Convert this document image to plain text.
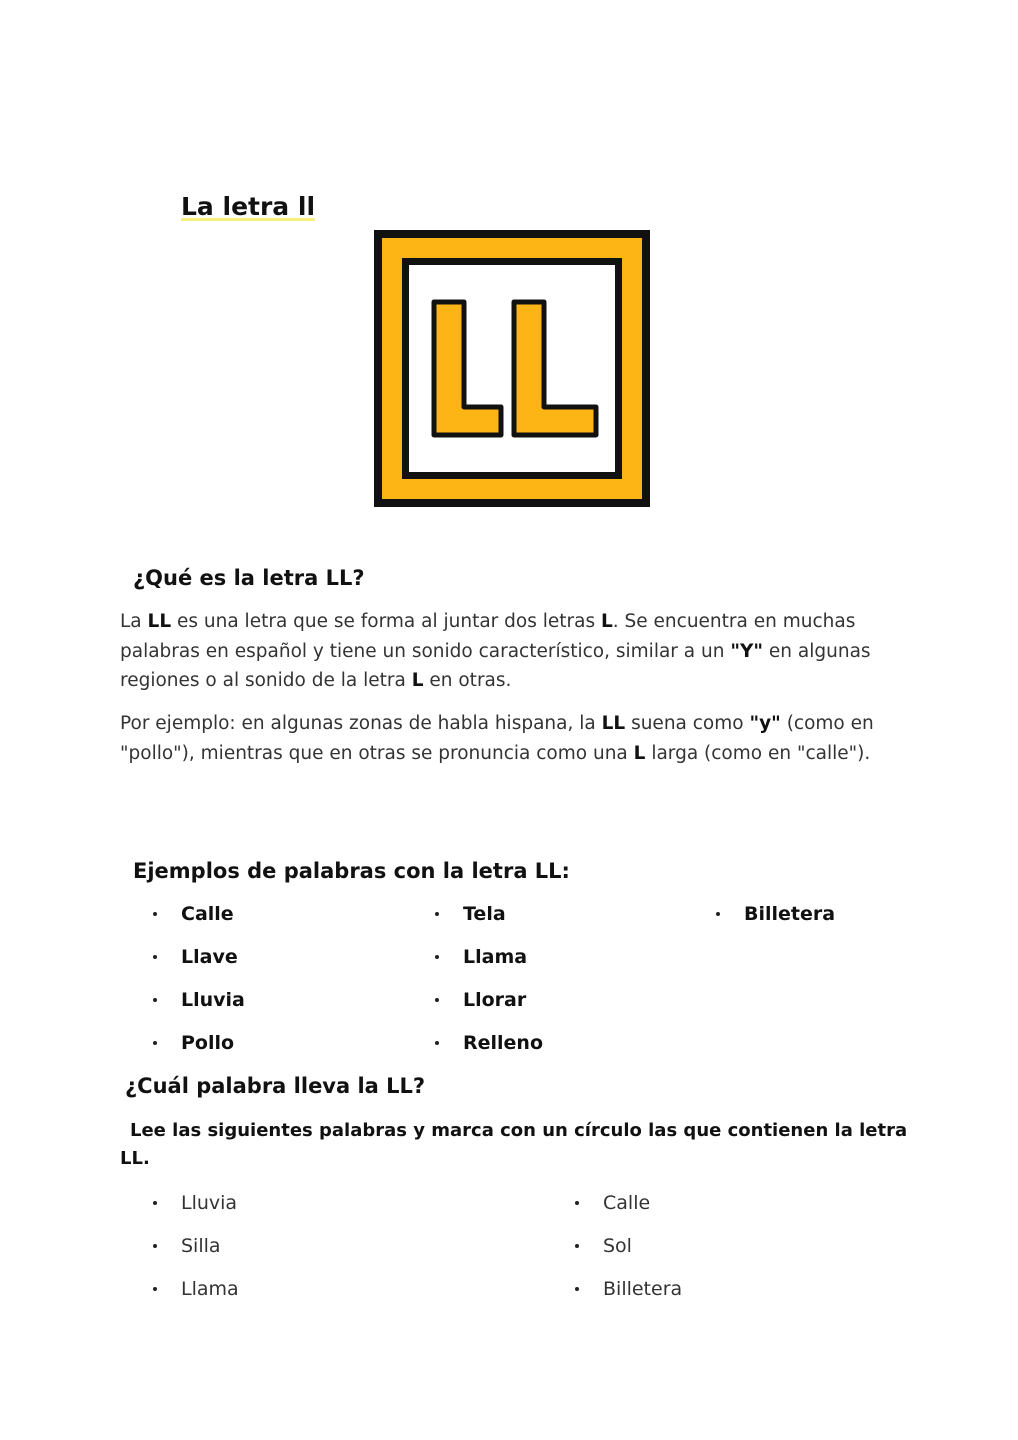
La letra ll
¿Qué es la letra LL?

La LL es una letra que se forma al juntar dos letras L. Se encuentra en muchas palabras en español y tiene un sonido característico, similar a un "Y" en algunas regiones o al sonido de la letra L en otras.

Por ejemplo: en algunas zonas de habla hispana, la LL suena como "y" (como en "pollo"), mientras que en otras se pronuncia como una L larga (como en "calle").

Ejemplos de palabras con la letra LL:
Calle
Llave
Lluvia
Pollo
Tela
Llama
Llorar
Relleno
Billetera
¿Cuál palabra lleva la LL?

Lee las siguientes palabras y marca con un círculo las que contienen la letra LL.

Lluvia
Silla
Llama
Calle
Sol
Billetera
